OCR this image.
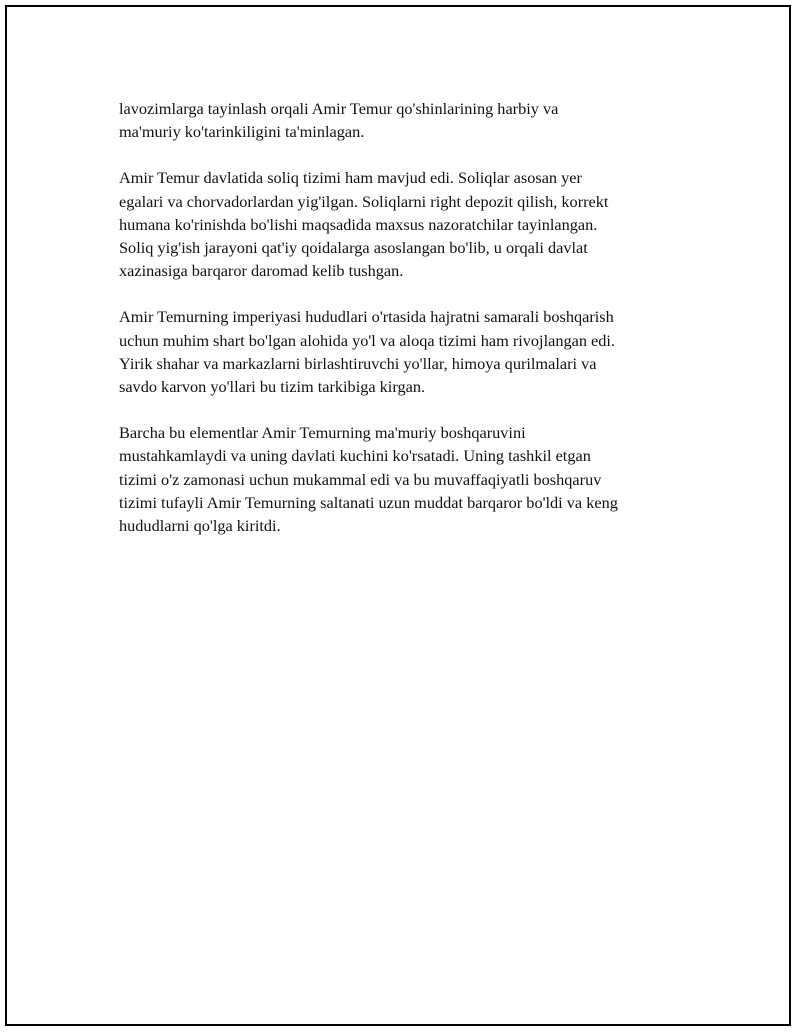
lavozimlarga tayinlash orqali Amir Temur qo'shinlarining harbiy va
ma'muriy ko'tarinkiligini ta'minlagan.

Amir Temur davlatida soliq tizimi ham mavjud edi. Soliqlar asosan yer
egalari va chorvadorlardan yig'ilgan. Soliqlarni right depozit qilish, korrekt
humana ko'rinishda bo'lishi maqsadida maxsus nazoratchilar tayinlangan.
Soliq yig'ish jarayoni qat'iy qoidalarga asoslangan bo'lib, u orqali davlat
xazinasiga barqaror daromad kelib tushgan.

Amir Temurning imperiyasi hududlari o'rtasida hajratni samarali boshqarish
uchun muhim shart bo'lgan alohida yo'l va aloqa tizimi ham rivojlangan edi.
Yirik shahar va markazlarni birlashtiruvchi yo'llar, himoya qurilmalari va
savdo karvon yo'llari bu tizim tarkibiga kirgan.

Barcha bu elementlar Amir Temurning ma'muriy boshqaruvini
mustahkamlaydi va uning davlati kuchini ko'rsatadi. Uning tashkil etgan
tizimi o'z zamonasi uchun mukammal edi va bu muvaffaqiyatli boshqaruv
tizimi tufayli Amir Temurning saltanati uzun muddat barqaror bo'ldi va keng
hududlarni qo'lga kiritdi.
